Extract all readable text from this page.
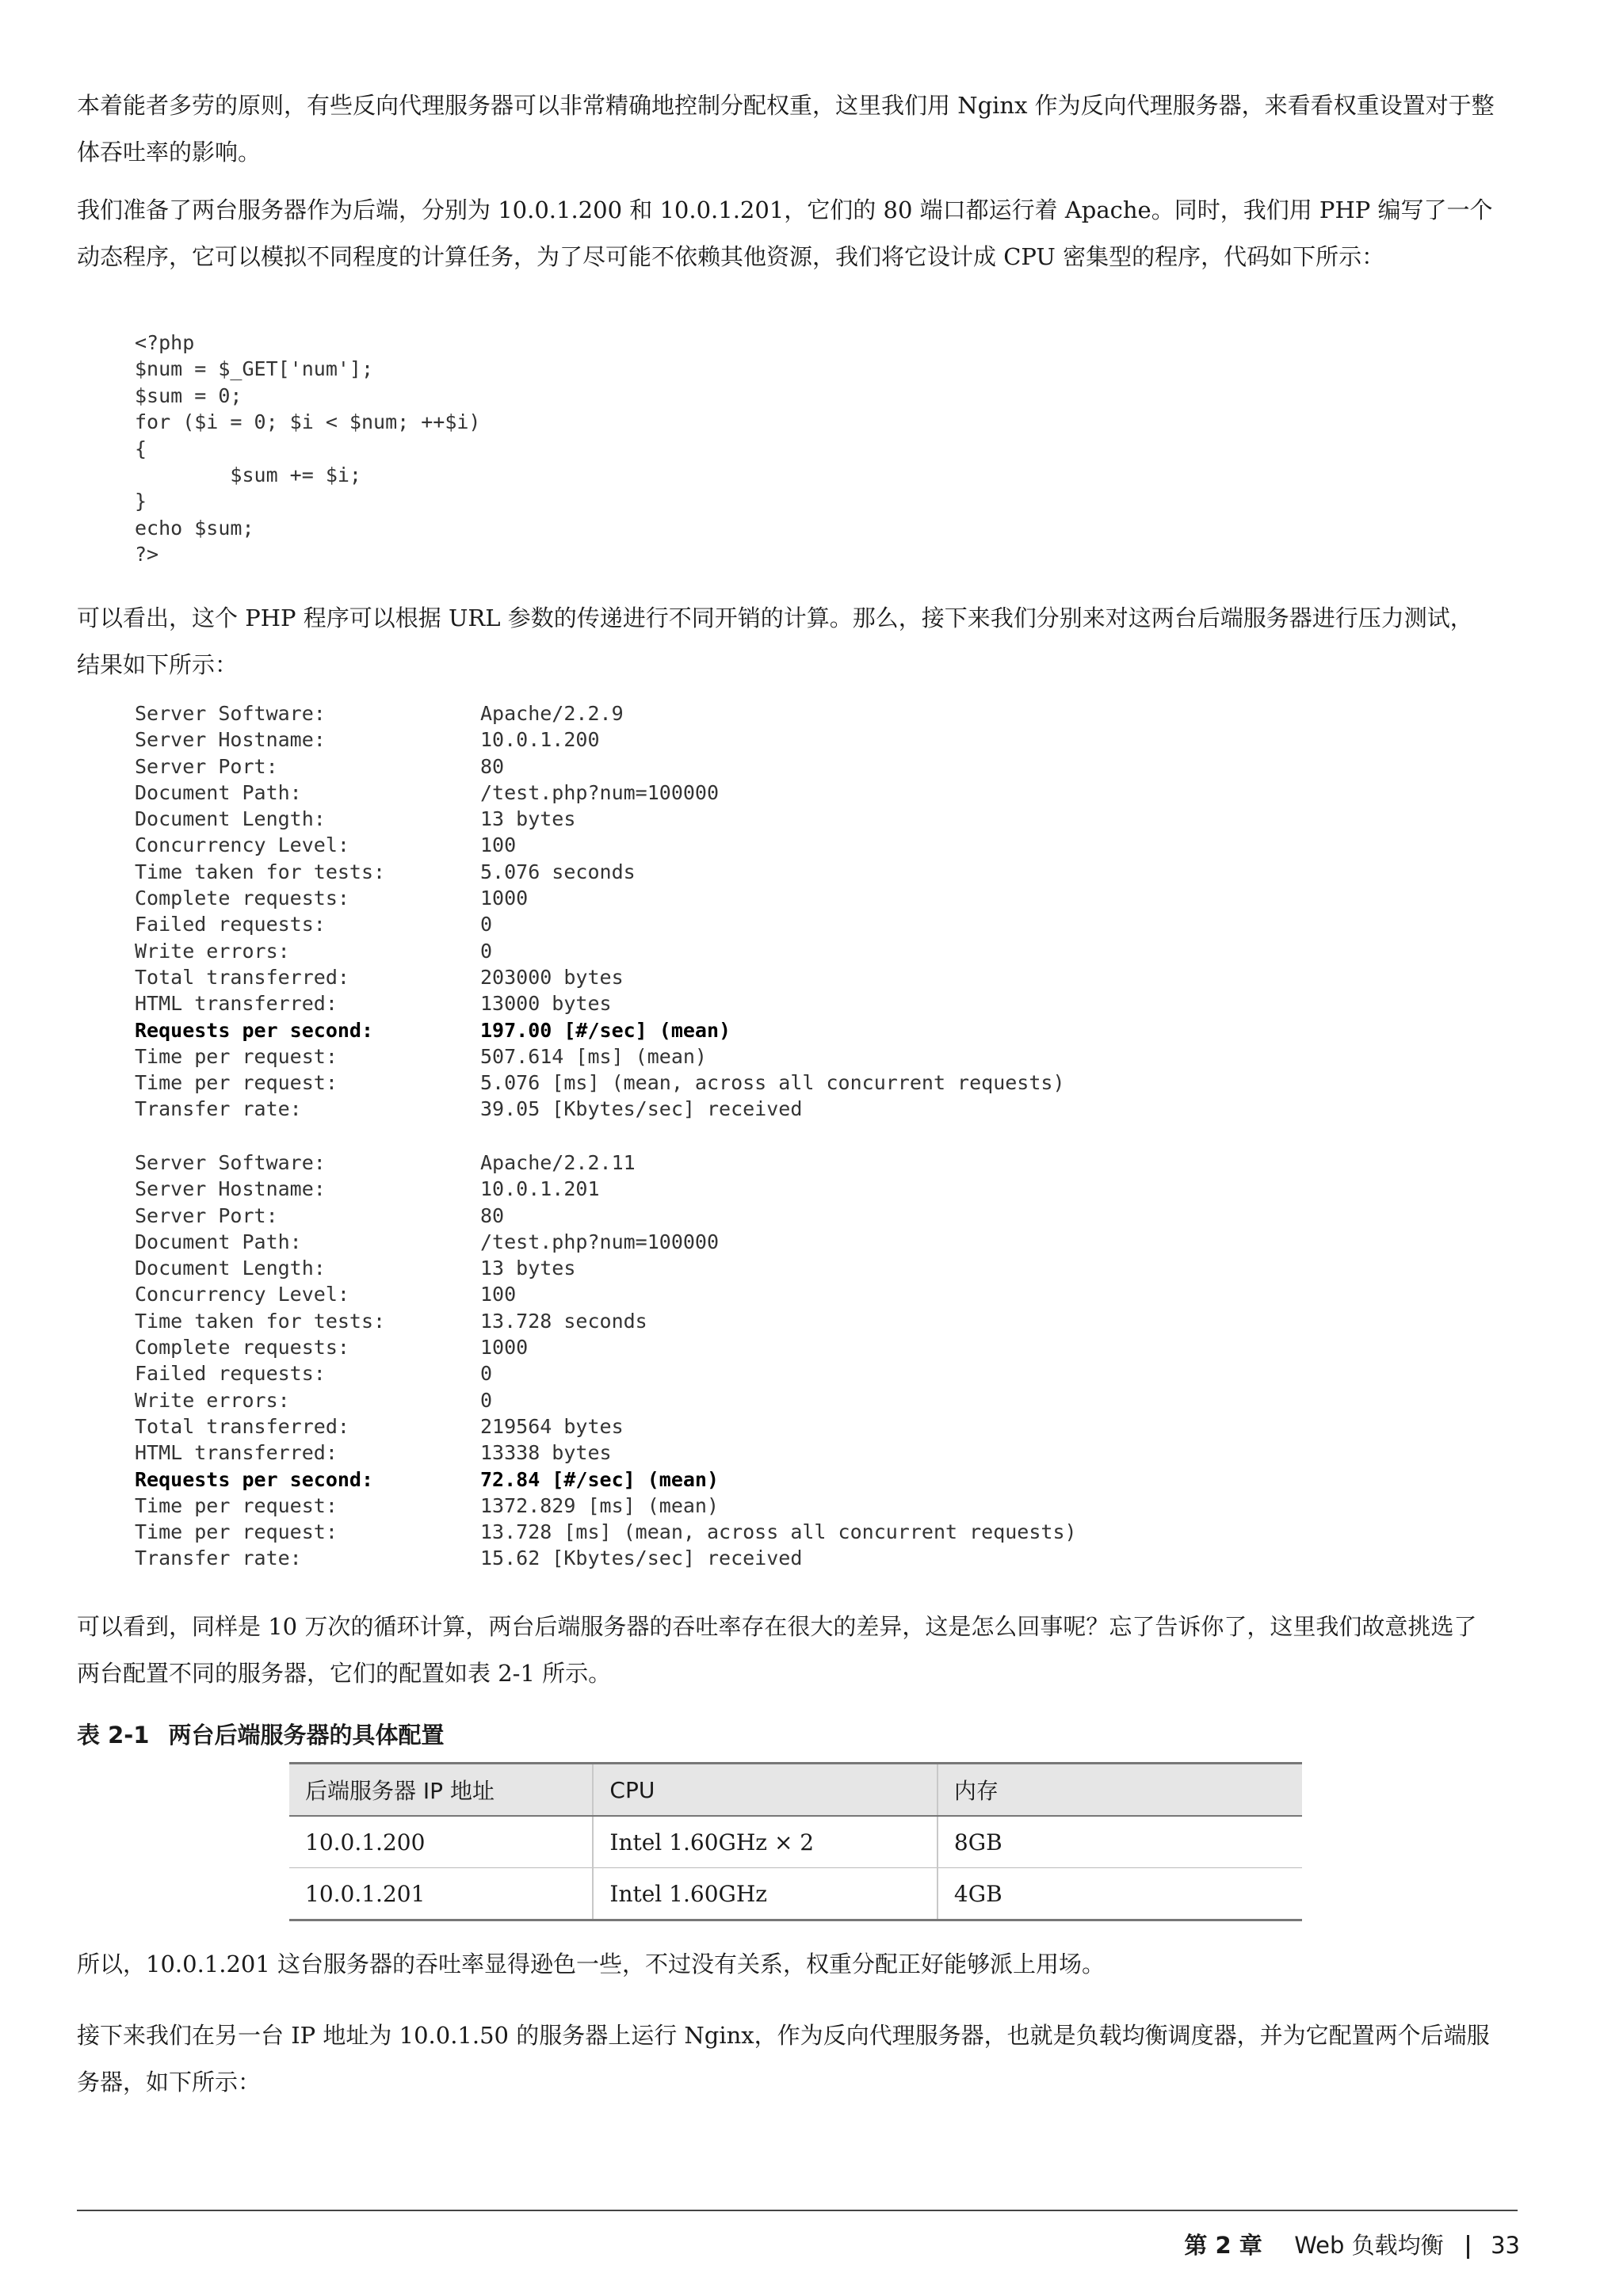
本着能者多劳的原则，有些反向代理服务器可以非常精确地控制分配权重，这里我们用 Nginx 作为反向代理服务器，来看看权重设置对于整体吞吐率的影响。

我们准备了两台服务器作为后端，分别为 10.0.1.200 和 10.0.1.201，它们的 80 端口都运行着 Apache。同时，我们用 PHP 编写了一个动态程序，它可以模拟不同程度的计算任务，为了尽可能不依赖其他资源，我们将它设计成 CPU 密集型的程序，代码如下所示：

<?php
$num = $_GET['num'];
$sum = 0;
for ($i = 0; $i < $num; ++$i)
{
$sum += $i;
}
echo $sum;
?>

可以看出，这个 PHP 程序可以根据 URL 参数的传递进行不同开销的计算。那么，接下来我们分别来对这两台后端服务器进行压力测试，结果如下所示：

Server Software:	Apache/2.2.9
Server Hostname:	10.0.1.200
Server Port:	80
Document Path:	/test.php?num=100000
Document Length:	13 bytes
Concurrency Level:	100
Time taken for tests:	5.076 seconds
Complete requests:	1000
Failed requests:	0
Write errors:	0
Total transferred:	203000 bytes
HTML transferred:	13000 bytes
Requests per second:	197.00 [#/sec] (mean)
Time per request:	507.614 [ms] (mean)
Time per request:	5.076 [ms] (mean, across all concurrent requests)
Transfer rate:	39.05 [Kbytes/sec] received
Server Software:	Apache/2.2.11
Server Hostname:	10.0.1.201
Server Port:	80
Document Path:	/test.php?num=100000
Document Length:	13 bytes
Concurrency Level:	100
Time taken for tests:	13.728 seconds
Complete requests:	1000
Failed requests:	0
Write errors:	0
Total transferred:	219564 bytes
HTML transferred:	13338 bytes
Requests per second:	72.84 [#/sec] (mean)
Time per request:	1372.829 [ms] (mean)
Time per request:	13.728 [ms] (mean, across all concurrent requests)
Transfer rate:	15.62 [Kbytes/sec] received

可以看到，同样是 10 万次的循环计算，两台后端服务器的吞吐率存在很大的差异，这是怎么回事呢？忘了告诉你了，这里我们故意挑选了两台配置不同的服务器，它们的配置如表 2-1 所示。

表 2-1 两台后端服务器的具体配置

后端服务器 IP 地址	CPU	内存
10.0.1.200	Intel 1.60GHz × 2	8GB
10.0.1.201	Intel 1.60GHz	4GB

所以，10.0.1.201 这台服务器的吞吐率显得逊色一些，不过没有关系，权重分配正好能够派上用场。

接下来我们在另一台 IP 地址为 10.0.1.50 的服务器上运行 Nginx，作为反向代理服务器，也就是负载均衡调度器，并为它配置两个后端服务器，如下所示：

第 2 章 Web 负载均衡 33
